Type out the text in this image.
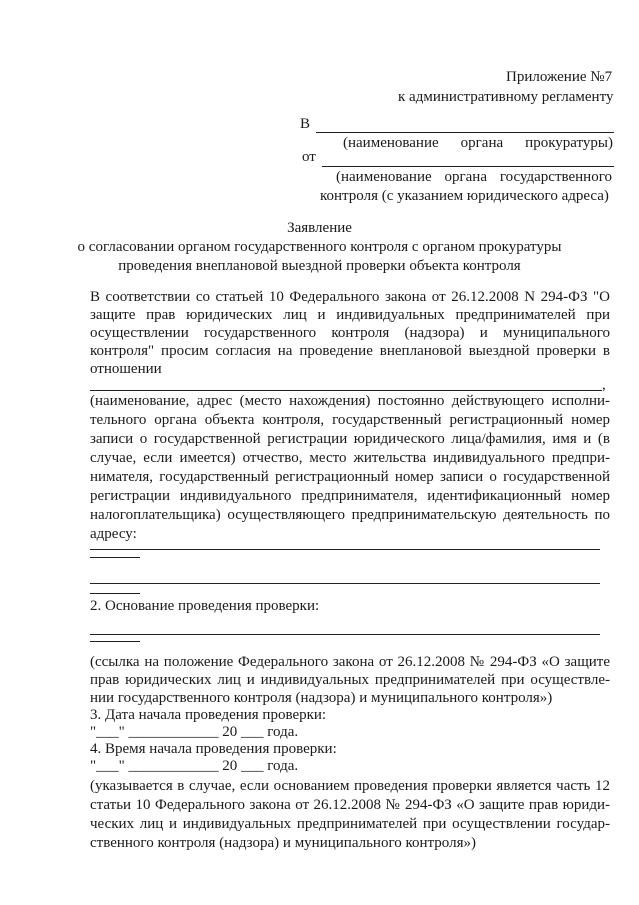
Приложение №7
к административному регламенту
В
(наименование органа прокуратуры)
от
(наименование органа государственного
контроля (с указанием юридического адреса)
Заявление
о согласовании органом государственного контроля с органом прокуратуры
проведения внеплановой выездной проверки объекта контроля
В соответствии со статьей 10 Федерального закона от 26.12.2008 N 294-ФЗ "О
защите прав юридических лиц и индивидуальных предпринимателей при
осуществлении государственного контроля (надзора) и муниципального
контроля" просим согласия на проведение внеплановой выездной проверки в
отношении
,
(наименование, адрес (место нахождения) постоянно действующего исполни-
тельного органа объекта контроля, государственный регистрационный номер
записи о государственной регистрации юридического лица/фамилия, имя и (в
случае, если имеется) отчество, место жительства индивидуального предпри-
нимателя, государственный регистрационный номер записи о государственной
регистрации индивидуального предпринимателя, идентификационный номер
налогоплательщика) осуществляющего предпринимательскую деятельность по
адресу:
2. Основание проведения проверки:
(ссылка на положение Федерального закона от 26.12.2008 № 294-ФЗ «О защите
прав юридических лиц и индивидуальных предпринимателей при осуществле-
нии государственного контроля (надзора) и муниципального контроля»)
3. Дата начала проведения проверки:
"___" ____________ 20 ___ года.
4. Время начала проведения проверки:
"___" ____________ 20 ___ года.
(указывается в случае, если основанием проведения проверки является часть 12
статьи 10 Федерального закона от 26.12.2008 № 294-ФЗ «О защите прав юриди-
ческих лиц и индивидуальных предпринимателей при осуществлении государ-
ственного контроля (надзора) и муниципального контроля»)
